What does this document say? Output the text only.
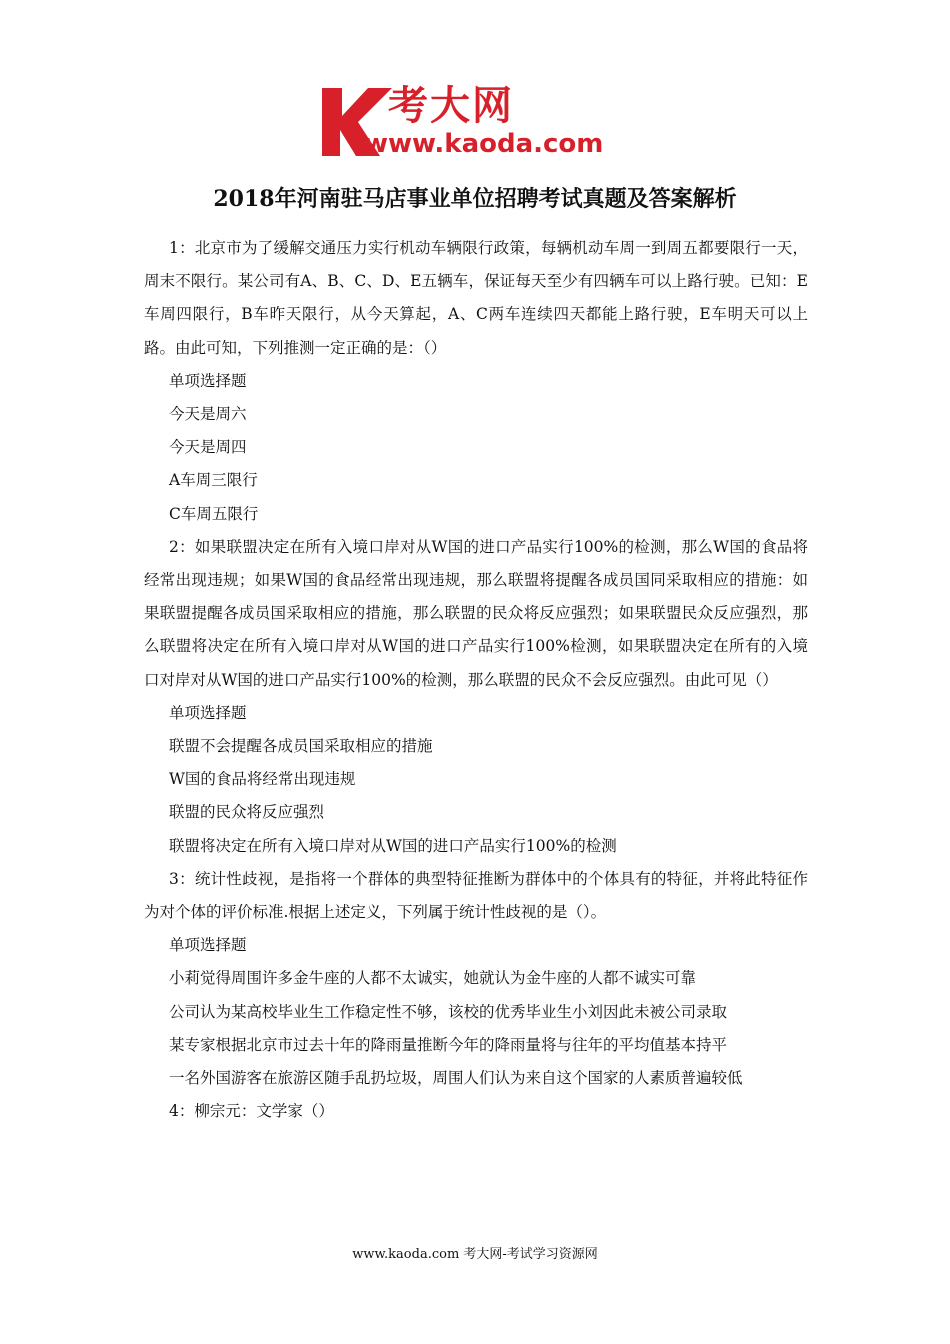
考大网
www.kaoda.com
2018年河南驻马店事业单位招聘考试真题及答案解析

1：北京市为了缓解交通压力实行机动车辆限行政策，每辆机动车周一到周五都要限行一天，周末不限行。某公司有A、B、C、D、E五辆车，保证每天至少有四辆车可以上路行驶。已知：E车周四限行，B车昨天限行，从今天算起，A、C两车连续四天都能上路行驶，E车明天可以上路。由此可知，下列推测一定正确的是：（）

单项选择题

今天是周六

今天是周四

A车周三限行

C车周五限行

2：如果联盟决定在所有入境口岸对从W国的进口产品实行100%的检测，那么W国的食品将经常出现违规；如果W国的食品经常出现违规，那么联盟将提醒各成员国同采取相应的措施：如果联盟提醒各成员国采取相应的措施，那么联盟的民众将反应强烈；如果联盟民众反应强烈，那么联盟将决定在所有入境口岸对从W国的进口产品实行100%检测，如果联盟决定在所有的入境口对岸对从W国的进口产品实行100%的检测，那么联盟的民众不会反应强烈。由此可见（）

单项选择题

联盟不会提醒各成员国采取相应的措施

W国的食品将经常出现违规

联盟的民众将反应强烈

联盟将决定在所有入境口岸对从W国的进口产品实行100%的检测

3：统计性歧视，是指将一个群体的典型特征推断为群体中的个体具有的特征，并将此特征作为对个体的评价标准.根据上述定义，下列属于统计性歧视的是（）。

单项选择题

小莉觉得周围许多金牛座的人都不太诚实，她就认为金牛座的人都不诚实可靠

公司认为某高校毕业生工作稳定性不够，该校的优秀毕业生小刘因此未被公司录取

某专家根据北京市过去十年的降雨量推断今年的降雨量将与往年的平均值基本持平

一名外国游客在旅游区随手乱扔垃圾，周围人们认为来自这个国家的人素质普遍较低

4：柳宗元：文学家（）

www.kaoda.com 考大网-考试学习资源网
